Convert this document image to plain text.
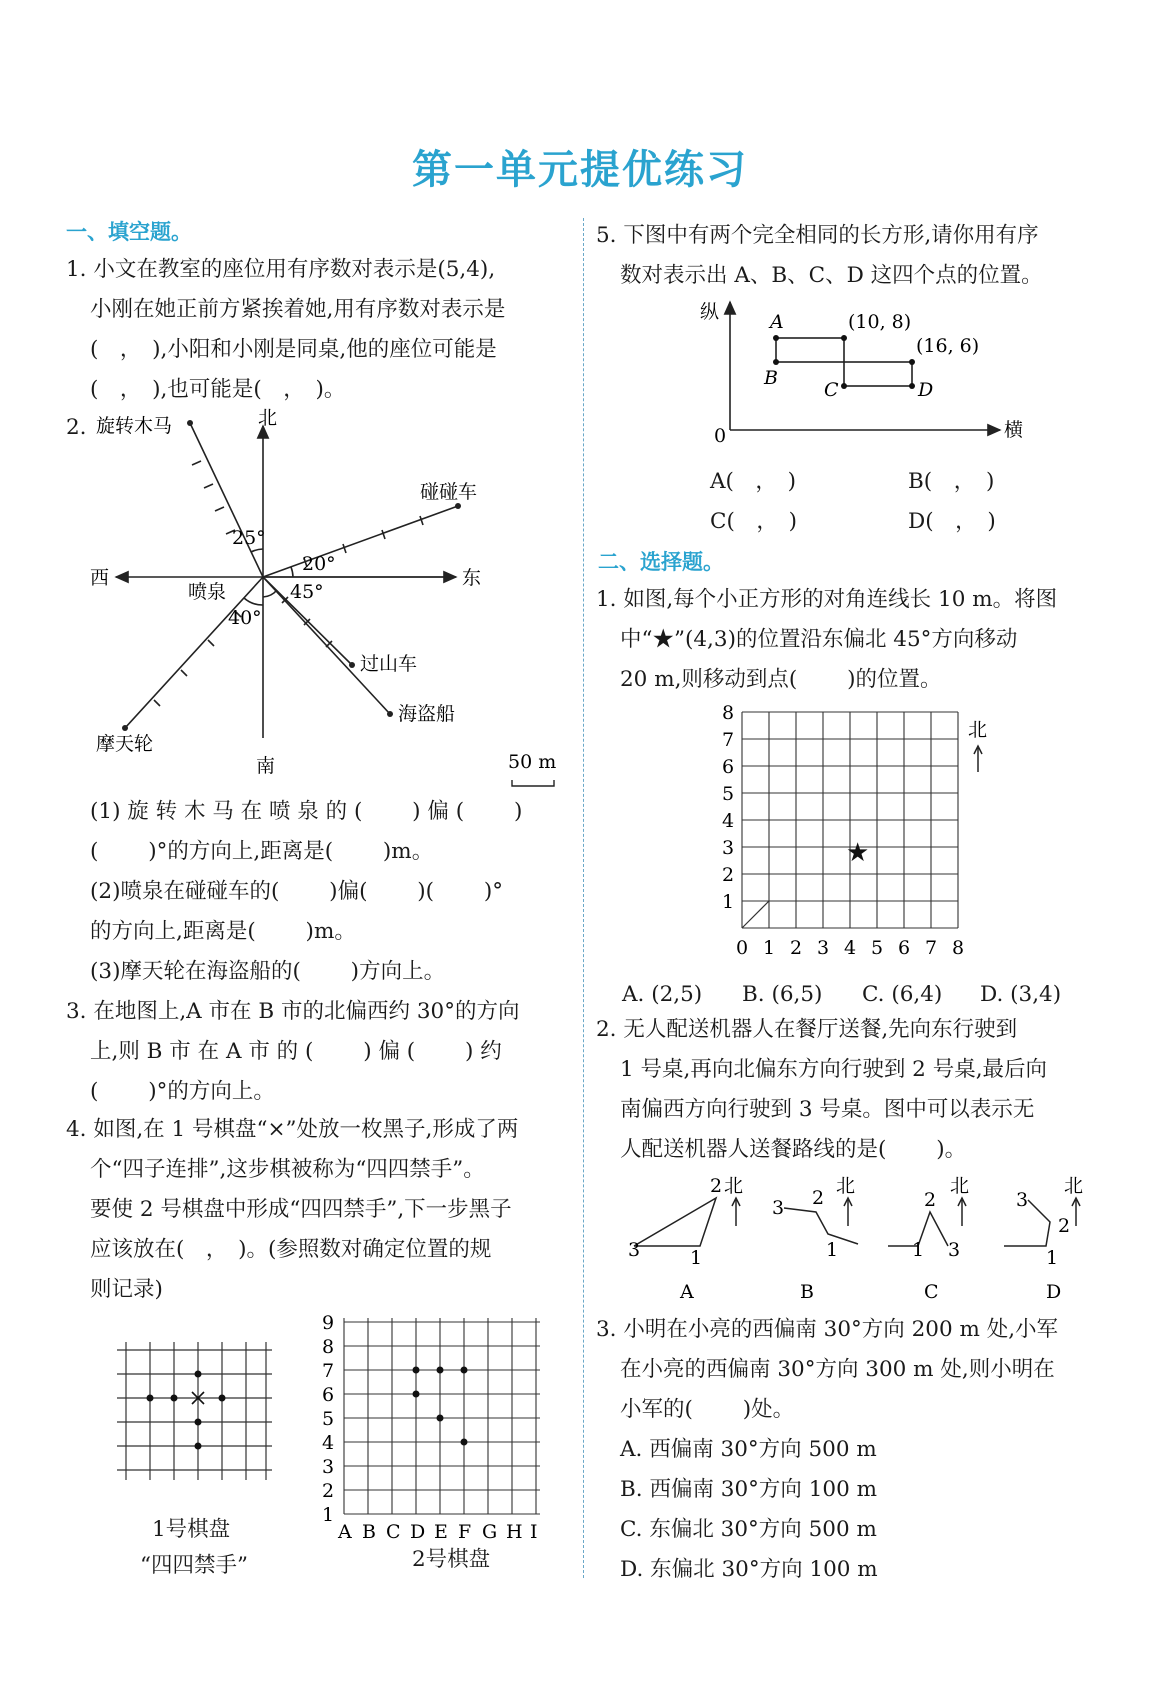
第一单元提优练习
一、填空题。
1. 小文在教室的座位用有序数对表示是(5,4),
小刚在她正前方紧挨着她,用有序数对表示是
(　，　),小阳和小刚是同桌,他的座位可能是
(　，　),也可能是(　，　)。
2.	北
南
东
西
喷泉
旋转木马
碰碰车
过山车
海盗船
摩天轮
25°
20°
45°
40°
50 m
(1) 旋 转 木 马 在 喷 泉 的 (　　 ) 偏 (　　 )
(　　 )°的方向上,距离是(　　 )m。
(2)喷泉在碰碰车的(　　 )偏(　　 )(　　 )°
的方向上,距离是(　　 )m。
(3)摩天轮在海盗船的(　　 )方向上。
3. 在地图上,A 市在 B 市的北偏西约 30°的方向
上,则 B 市 在 A 市 的 (　　 ) 偏 (　　 ) 约
(　　 )°的方向上。
4. 如图,在 1 号棋盘“×”处放一枚黑子,形成了两
个“四子连排”,这步棋被称为“四四禁手”。
要使 2 号棋盘中形成“四四禁手”,下一步黑子
应该放在(　，　)。(参照数对确定位置的规
则记录)
1号棋盘
“四四禁手”
A B C D E F G H I
1
2
3
4
5
6
7
8
9
2号棋盘
5. 下图中有两个完全相同的长方形,请你用有序
数对表示出 A、B、C、D 这四个点的位置。
纵
横
0
(10, 8)
(16, 6)
A
B
C	D
A(　，　)	B(　，　)
C(　，　)	D(　，　)
二、选择题。
1. 如图,每个小正方形的对角连线长 10 m。将图
中“★”(4,3)的位置沿东偏北 45°方向移动
20 m,则移动到点(　　 )的位置。
0 1
1
2
2
3
3
4
4
5
5
6
6
7
7
8
8
★
北
A. (2,5) B. (6,5) C. (6,4) D. (3,4)
2. 无人配送机器人在餐厅送餐,先向东行驶到
1 号桌,再向北偏东方向行驶到 2 号桌,最后向
南偏西方向行驶到 3 号桌。图中可以表示无
人配送机器人送餐路线的是(　　 )。
3	1
2
3 2
1	1
2
3
3
1
2
北	北	北	北
A	B	C	D
3. 小明在小亮的西偏南 30°方向 200 m 处,小军
在小亮的西偏南 30°方向 300 m 处,则小明在
小军的(　　 )处。
A. 西偏南 30°方向 500 m
B. 西偏南 30°方向 100 m
C. 东偏北 30°方向 500 m
D. 东偏北 30°方向 100 m
